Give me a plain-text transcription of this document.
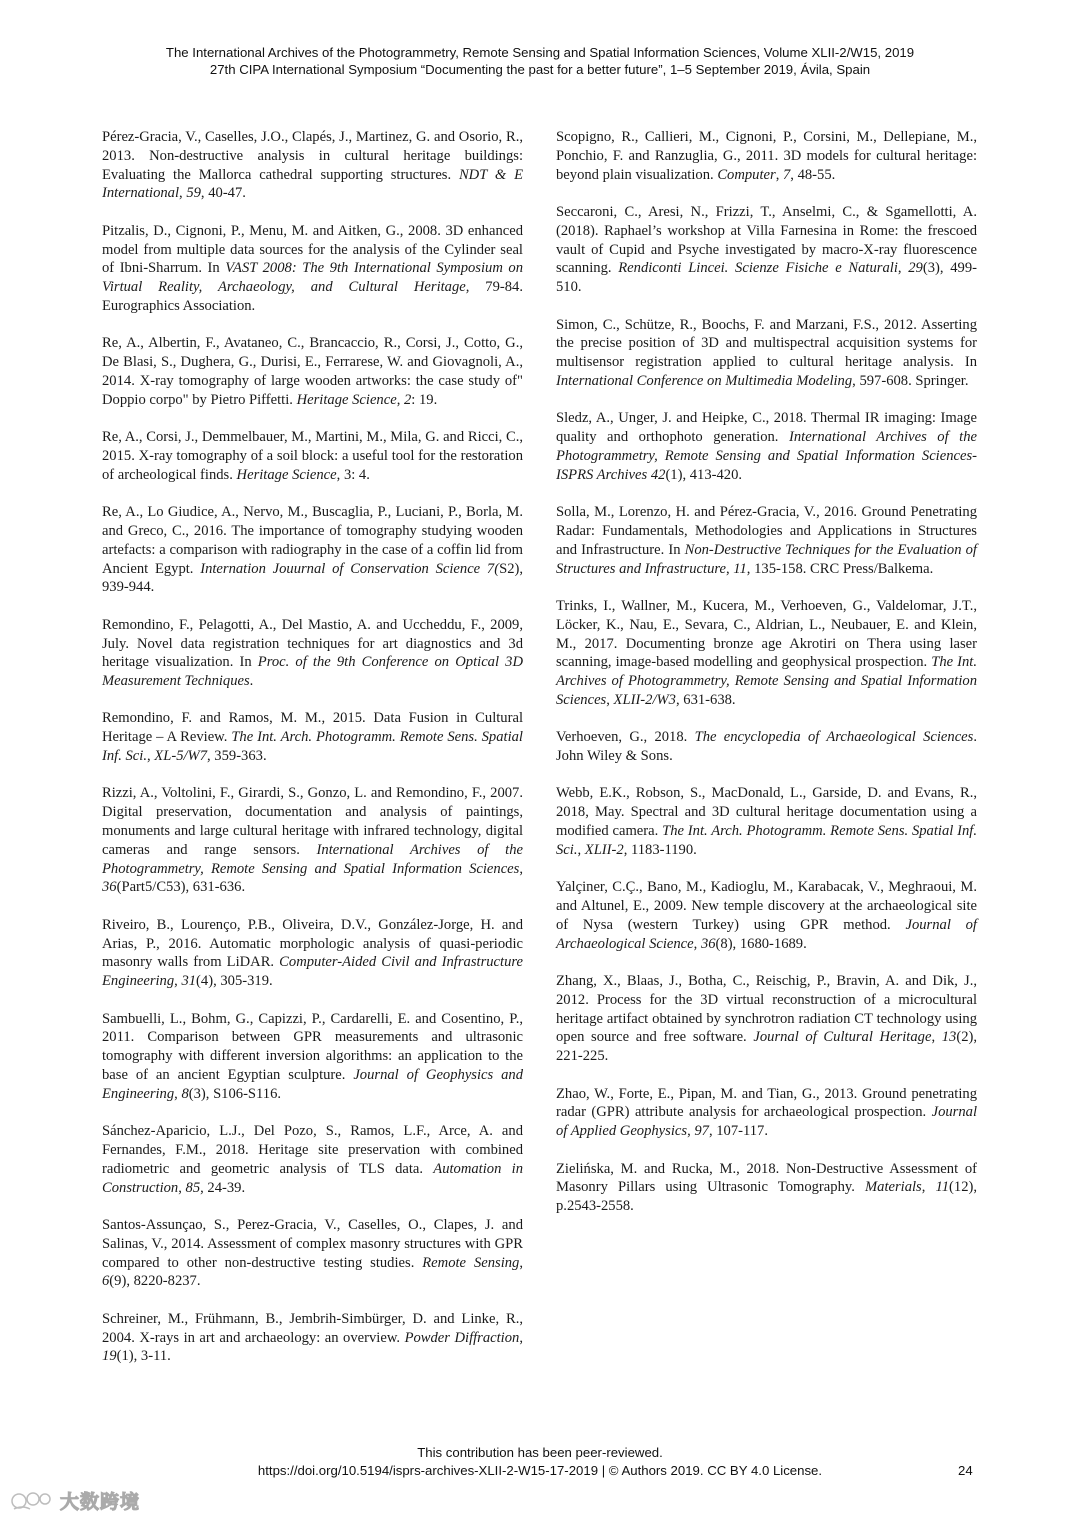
The International Archives of the Photogrammetry, Remote Sensing and Spatial Information Sciences, Volume XLII-2/W15, 2019
27th CIPA International Symposium “Documenting the past for a better future”, 1–5 September 2019, Ávila, Spain

Pérez-Gracia, V., Caselles, J.O., Clapés, J., Martinez, G. and Osorio, R., 2013. Non-destructive analysis in cultural heritage buildings: Evaluating the Mallorca cathedral supporting structures. NDT & E International, 59, 40-47.

Pitzalis, D., Cignoni, P., Menu, M. and Aitken, G., 2008. 3D enhanced model from multiple data sources for the analysis of the Cylinder seal of Ibni-Sharrum. In VAST 2008: The 9th International Symposium on Virtual Reality, Archaeology, and Cultural Heritage, 79-84. Eurographics Association.

Re, A., Albertin, F., Avataneo, C., Brancaccio, R., Corsi, J., Cotto, G., De Blasi, S., Dughera, G., Durisi, E., Ferrarese, W. and Giovagnoli, A., 2014. X-ray tomography of large wooden artworks: the case study of" Doppio corpo" by Pietro Piffetti. Heritage Science, 2: 19.

Re, A., Corsi, J., Demmelbauer, M., Martini, M., Mila, G. and Ricci, C., 2015. X-ray tomography of a soil block: a useful tool for the restoration of archeological finds. Heritage Science, 3: 4.

Re, A., Lo Giudice, A., Nervo, M., Buscaglia, P., Luciani, P., Borla, M. and Greco, C., 2016. The importance of tomography studying wooden artefacts: a comparison with radiography in the case of a coffin lid from Ancient Egypt. Internation Jouurnal of Conservation Science 7(S2), 939-944.

Remondino, F., Pelagotti, A., Del Mastio, A. and Uccheddu, F., 2009, July. Novel data registration techniques for art diagnostics and 3d heritage visualization. In Proc. of the 9th Conference on Optical 3D Measurement Techniques.

Remondino, F. and Ramos, M. M., 2015. Data Fusion in Cultural Heritage – A Review. The Int. Arch. Photogramm. Remote Sens. Spatial Inf. Sci., XL-5/W7, 359-363.

Rizzi, A., Voltolini, F., Girardi, S., Gonzo, L. and Remondino, F., 2007. Digital preservation, documentation and analysis of paintings, monuments and large cultural heritage with infrared technology, digital cameras and range sensors. International Archives of the Photogrammetry, Remote Sensing and Spatial Information Sciences, 36(Part5/C53), 631-636.

Riveiro, B., Lourenço, P.B., Oliveira, D.V., González-Jorge, H. and Arias, P., 2016. Automatic morphologic analysis of quasi-periodic masonry walls from LiDAR. Computer-Aided Civil and Infrastructure Engineering, 31(4), 305-319.

Sambuelli, L., Bohm, G., Capizzi, P., Cardarelli, E. and Cosentino, P., 2011. Comparison between GPR measurements and ultrasonic tomography with different inversion algorithms: an application to the base of an ancient Egyptian sculpture. Journal of Geophysics and Engineering, 8(3), S106-S116.

Sánchez-Aparicio, L.J., Del Pozo, S., Ramos, L.F., Arce, A. and Fernandes, F.M., 2018. Heritage site preservation with combined radiometric and geometric analysis of TLS data. Automation in Construction, 85, 24-39.

Santos-Assunçao, S., Perez-Gracia, V., Caselles, O., Clapes, J. and Salinas, V., 2014. Assessment of complex masonry structures with GPR compared to other non-destructive testing studies. Remote Sensing, 6(9), 8220-8237.

Schreiner, M., Frühmann, B., Jembrih-Simbürger, D. and Linke, R., 2004. X-rays in art and archaeology: an overview. Powder Diffraction, 19(1), 3-11.

Scopigno, R., Callieri, M., Cignoni, P., Corsini, M., Dellepiane, M., Ponchio, F. and Ranzuglia, G., 2011. 3D models for cultural heritage: beyond plain visualization. Computer, 7, 48-55.

Seccaroni, C., Aresi, N., Frizzi, T., Anselmi, C., & Sgamellotti, A. (2018). Raphael’s workshop at Villa Farnesina in Rome: the frescoed vault of Cupid and Psyche investigated by macro-X-ray fluorescence scanning. Rendiconti Lincei. Scienze Fisiche e Naturali, 29(3), 499-510.

Simon, C., Schütze, R., Boochs, F. and Marzani, F.S., 2012. Asserting the precise position of 3D and multispectral acquisition systems for multisensor registration applied to cultural heritage analysis. In International Conference on Multimedia Modeling, 597-608. Springer.

Sledz, A., Unger, J. and Heipke, C., 2018. Thermal IR imaging: Image quality and orthophoto generation. International Archives of the Photogrammetry, Remote Sensing and Spatial Information Sciences-ISPRS Archives 42(1), 413-420.

Solla, M., Lorenzo, H. and Pérez-Gracia, V., 2016. Ground Penetrating Radar: Fundamentals, Methodologies and Applications in Structures and Infrastructure. In Non-Destructive Techniques for the Evaluation of Structures and Infrastructure, 11, 135-158. CRC Press/Balkema.

Trinks, I., Wallner, M., Kucera, M., Verhoeven, G., Valdelomar, J.T., Löcker, K., Nau, E., Sevara, C., Aldrian, L., Neubauer, E. and Klein, M., 2017. Documenting bronze age Akrotiri on Thera using laser scanning, image-based modelling and geophysical prospection. The Int. Archives of Photogrammetry, Remote Sensing and Spatial Information Sciences, XLII-2/W3, 631-638.

Verhoeven, G., 2018. The encyclopedia of Archaeological Sciences. John Wiley & Sons.

Webb, E.K., Robson, S., MacDonald, L., Garside, D. and Evans, R., 2018, May. Spectral and 3D cultural heritage documentation using a modified camera. The Int. Arch. Photogramm. Remote Sens. Spatial Inf. Sci., XLII-2, 1183-1190.

Yalçiner, C.Ç., Bano, M., Kadioglu, M., Karabacak, V., Meghraoui, M. and Altunel, E., 2009. New temple discovery at the archaeological site of Nysa (western Turkey) using GPR method. Journal of Archaeological Science, 36(8), 1680-1689.

Zhang, X., Blaas, J., Botha, C., Reischig, P., Bravin, A. and Dik, J., 2012. Process for the 3D virtual reconstruction of a microcultural heritage artifact obtained by synchrotron radiation CT technology using open source and free software. Journal of Cultural Heritage, 13(2), 221-225.

Zhao, W., Forte, E., Pipan, M. and Tian, G., 2013. Ground penetrating radar (GPR) attribute analysis for archaeological prospection. Journal of Applied Geophysics, 97, 107-117.

Zielińska, M. and Rucka, M., 2018. Non-Destructive Assessment of Masonry Pillars using Ultrasonic Tomography. Materials, 11(12), p.2543-2558.

This contribution has been peer-reviewed.
https://doi.org/10.5194/isprs-archives-XLII-2-W15-17-2019 | © Authors 2019. CC BY 4.0 License.	24
大数跨境
